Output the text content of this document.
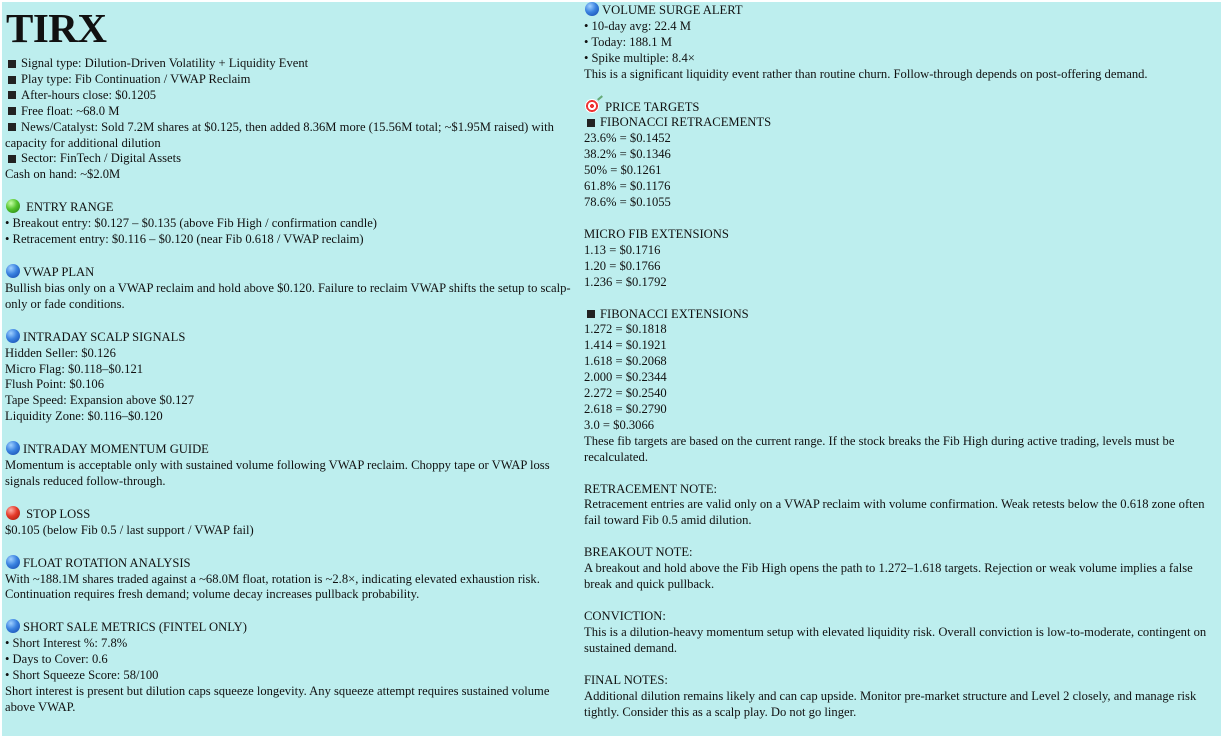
TIRX
Signal type: Dilution-Driven Volatility + Liquidity Event
Play type: Fib Continuation / VWAP Reclaim
After-hours close: $0.1205
Free float: ~68.0 M
News/Catalyst: Sold 7.2M shares at $0.125, then added 8.36M more (15.56M total; ~$1.95M raised) with capacity for additional dilution
Sector: FinTech / Digital Assets
Cash on hand: ~$2.0M
ENTRY RANGE
• Breakout entry: $0.127 – $0.135 (above Fib High / confirmation candle)
• Retracement entry: $0.116 – $0.120 (near Fib 0.618 / VWAP reclaim)
VWAP PLAN
Bullish bias only on a VWAP reclaim and hold above $0.120. Failure to reclaim VWAP shifts the setup to scalp-only or fade conditions.
INTRADAY SCALP SIGNALS
Hidden Seller: $0.126
Micro Flag: $0.118–$0.121
Flush Point: $0.106
Tape Speed: Expansion above $0.127
Liquidity Zone: $0.116–$0.120
INTRADAY MOMENTUM GUIDE
Momentum is acceptable only with sustained volume following VWAP reclaim. Choppy tape or VWAP loss signals reduced follow-through.
STOP LOSS
$0.105 (below Fib 0.5 / last support / VWAP fail)
FLOAT ROTATION ANALYSIS
With ~188.1M shares traded against a ~68.0M float, rotation is ~2.8×, indicating elevated exhaustion risk. Continuation requires fresh demand; volume decay increases pullback probability.
SHORT SALE METRICS (FINTEL ONLY)
• Short Interest %: 7.8%
• Days to Cover: 0.6
• Short Squeeze Score: 58/100
Short interest is present but dilution caps squeeze longevity. Any squeeze attempt requires sustained volume above VWAP.
VOLUME SURGE ALERT
• 10-day avg: 22.4 M
• Today: 188.1 M
• Spike multiple: 8.4×
This is a significant liquidity event rather than routine churn. Follow-through depends on post-offering demand.
PRICE TARGETS
FIBONACCI RETRACEMENTS
23.6% = $0.1452
38.2% = $0.1346
50% = $0.1261
61.8% = $0.1176
78.6% = $0.1055
MICRO FIB EXTENSIONS
1.13 = $0.1716
1.20 = $0.1766
1.236 = $0.1792
FIBONACCI EXTENSIONS
1.272 = $0.1818
1.414 = $0.1921
1.618 = $0.2068
2.000 = $0.2344
2.272 = $0.2540
2.618 = $0.2790
3.0 = $0.3066
These fib targets are based on the current range. If the stock breaks the Fib High during active trading, levels must be recalculated.
RETRACEMENT NOTE:
Retracement entries are valid only on a VWAP reclaim with volume confirmation. Weak retests below the 0.618 zone often fail toward Fib 0.5 amid dilution.
BREAKOUT NOTE:
A breakout and hold above the Fib High opens the path to 1.272–1.618 targets. Rejection or weak volume implies a false break and quick pullback.
CONVICTION:
This is a dilution-heavy momentum setup with elevated liquidity risk. Overall conviction is low-to-moderate, contingent on sustained demand.
FINAL NOTES:
Additional dilution remains likely and can cap upside. Monitor pre-market structure and Level 2 closely, and manage risk tightly. Consider this as a scalp play. Do not go linger.
